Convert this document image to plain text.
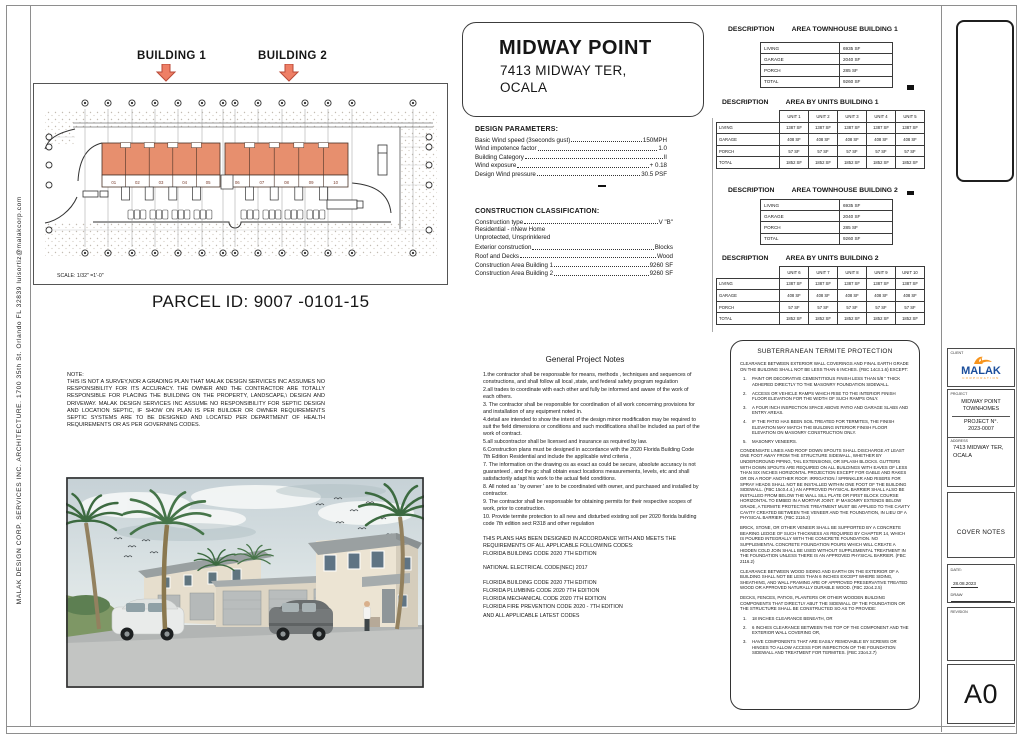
MALAK DESIGN CORP. SERVICES INC. ARCHITECTURE. 1700 35th St. Orlando FL 32839 luisortiz@malakcorp.com
BUILDING 1	BUILDING 2
01	02	03	04	05	06	07	08	09	10
SCALE: 1/32" =1'-0"
PARCEL ID: 9007 -0101-15
NOTE:
THIS IS NOT A SURVEY,NOR A GRADING PLAN THAT MALAK DESIGN SERVICES INC ASSUMES NO RESPONSIBILITY FOR ITS ACCURACY. THE OWNER AND THE CONTRACTOR ARE TOTALLY RESPONSIBLE FOR PLACING THE BUILDING ON THE PROPERTY, LANDSCAPE,\ DESIGN AND DRIVEWAY. MALAK DESIGN SERVICES INC ASSUME NO RESPONSIBILITY FOR SEPTIC DESIGN AND LOCATION SEPTIC, IF SHOW ON PLAN IS PER BUILDER OR OWNER REQUIREMENTS SEPTIC SYSTEMS ARE TO BE DESIGNED AND LOCATED PER DEPARTMENT OF HEALTH REQUIREMENTS OR AS PER GOVERNING CODES.
MIDWAY POINT
7413 MIDWAY TER,
OCALA
DESIGN PARAMETERS:
Basic Wind speed (3seconds gust)	150MPH
Wind impotence factor	1.0
Building Category	II
Wind exposure	+ 0.18
Design Wind pressure	30.5 PSF
CONSTRUCTION CLASSIFICATION:
Construction type	V "B"
Residential - nNew Home
Unprotected, Unsprinklered
Exterior construction	Blocks
Roof and Decks	Wood
Construction Area Building 1	9260 SF
Construction Area Building 2	9260 SF
DESCRIPTION	AREA TOWNHOUSE BUILDING 1
LIVING	6935 SF
GARAGE	2040 SF
PORCH	285 SF
TOTAL	9260 SF
DESCRIPTION	AREA BY UNITS BUILDING 1
	UNIT 1	UNIT 2	UNIT 3	UNIT 4	UNIT 5
LIVING	1387 SF	1387 SF	1387 SF	1387 SF	1387 SF
GARAGE	408 SF	408 SF	408 SF	408 SF	408 SF
PORCH	57 SF	57 SF	57 SF	57 SF	57 SF
TOTAL	1852 SF	1852 SF	1852 SF	1852 SF	1852 SF
DESCRIPTION	AREA TOWNHOUSE BUILDING 2
LIVING	6935 SF
GARAGE	2040 SF
PORCH	285 SF
TOTAL	9260 SF
DESCRIPTION	AREA BY UNITS BUILDING 2
	UNIT 6	UNIT 7	UNIT 8	UNIT 9	UNIT 10
LIVING	1387 SF	1387 SF	1387 SF	1387 SF	1387 SF
GARAGE	408 SF	408 SF	408 SF	408 SF	408 SF
PORCH	57 SF	57 SF	57 SF	57 SF	57 SF
TOTAL	1852 SF	1852 SF	1852 SF	1852 SF	1852 SF
General Project Notes
1.the contractor shall be responsable for means, methods , techniques and sequences of constructions, and shall follow all local ,state, and federal safety program regulation
2.all trades to coordinate with each other and fully be informed and aware of the work of each others.
3. The contractor shall be responsible for coordination of all work concerning provisions for and installation of any equipment noted in.
4.detail are intended to show the intent of the design minor modification may be required to suit the field dimensions or conditions and such modifications shall be included as part of the work of contract.
5.all subcontractor shall be licensed and insurance as required by law.
6.Construction plans must be designed in accordance with the 2020 Florida Building Code 7th Edition Residential and include the applicable wind criteria ,
7. The information on the drawing os as exact as could be secure, absolute accuracy is not guaranteed , and the gc shall obtain exact locations measurements, levels, etc and shall satisfactorily adapt his work to the actual field conditions.
8. All noted as ' by owner ' are to be coordinated with owner, and purchased and installed by contractor.
9. The contractor shall be responsable for obtaining permits for their respective scopes of work, prior to construction.
10. Provide termite protection to all new and disturbed existing soil per 2020 florida building code 7th edition sect R318 and other regulation
THIS PLANS HAS BEEN DESIGNED IN ACCORDANCE WITH AND MEETS THE REQUIREMENTS OF ALL APPLICABLE FOLLOWING CODES:
FLORIDA BUILDING CODE 2020 7TH EDITION
NATIONAL ELECTRICAL CODE(NEC) 2017
FLORIDA BUILDING CODE 2020 7TH EDITION
FLORIDA PLUMBING CODE 2020 7TH EDITION
FLORIDA MECHANICAL CODE 2020 7TH EDITION
FLORIDA FIRE PREVENTION CODE 2020 - 7TH EDITION
AND ALL APPLICABLE LATEST CODES
SUBTERRANEAN TERMITE PROTECTION
CLEARANCE BETWEEN EXTERIOR WALL COVERINGS AND FINAL EARTH GRADE ON THE BUILDING SHALL NOT BE LESS THAN 6 INCHES. (FBC 14c3.1.6) EXCEPT:
1.	PAINT OR DECORATIVE CEMENTITIOUS FINISH LESS THAN 5/8 " THICK ADHERED DIRECTLY TO THE MASONRY FOUNDATION SIDEWALL.
2.	ACCESS OR VEHICLE RAMPS WHICH RISE TO THE INTERIOR FINISH FLOOR ELEVATION FOR THE WIDTH OF SUCH RAMPS ONLY.
3.	A FOUR INCH INSPECTION SPACE ABOVE PATIO AND GARAGE SLABS AND ENTRY AREAS.
4.	IF THE PATIO HAS BEEN SOIL TREATED FOR TERMITES, THE FINISH ELEVATION MAY MATCH THE BUILDING INTERIOR FINISH FLOOR ELEVATION ON MASONRY CONSTRUCTION ONLY.
5.	MASONRY VENEERS.
CONDENSATE LINES AND ROOF DOWN SPOUTS SHALL DISCHARGE AT LEAST ONE FOOT AWAY FROM THE STRUCTURE SIDEWALL, WHETHER BY UNDERGROUND PIPING, TAIL EXTENSIONS, OR SPLASH BLOCKS. GUTTERS WITH DOWN SPOUTS ARE REQUIRED ON ALL BUILDINGS WITH EAVES OF LESS THAN SIX INCHES HORIZONTAL PROJECTION EXCEPT FOR GABLE AND RAKES OR ON A ROOF ANOTHER ROOF. IRRIGATION / SPRINKLER AND RISERS FOR SPRAY HEADS SHALL NOT BE INSTALLED WITHIN ONE FOOT OF THE BUILDING SIDEWALL. (FBC 15c0.4.4.) AN APPROVED PHYSICAL BARRIER SHALL ALSO BE INSTALLED FROM BELOW THE WALL SILL PLATE OR FIRST BLOCK COURSE HORIZONTAL TO EMBED IN A MORTAR JOINT. IF MASONRY EXTENDS BELOW GRADE, A TERMITE PROTECTIVE TREATMENT MUST BE APPLIED TO THE CAVITY CAVITY CREATED BETWEEN THE VENEER AND THE FOUNDATION, IN LIEU OF A PHYSICAL BARRIER. (FBC 2116.2)
BRICK, STONE, OR OTHER VENEER SHALL BE SUPPORTED BY A CONCRETE BEARING LEDGE OF SUCH THICKNESS AS REQUIRED BY CHAPTER 14, WHICH IS POURED INTEGRALLY WITH THE CONCRETE FOUNDATION. NO SUPPLEMENTAL CONCRETE FOUNDATION POURS WHICH WILL CREATE A HIDDEN COLD JOIN SHALL BE USED WITHOUT SUPPLEMENTAL TREATMENT IN THE FOUNDATION UNLESS THERE IS AN APPROVED PHYSICAL BARRIER. (FBC 2116.2)
CLEARANCE BETWEEN WOOD SIDING AND EARTH ON THE EXTERIOR OF A BUILDING SHALL NOT BE LESS THAN 6 INCHES EXCEPT WHERE SIDING, SHEATHING, AND WALL FRAMING ARE OF APPROVED PRESERVATIVE TREATED WOOD OR APPROVED NATURALLY DURABLE WOOD. (FBC 22o4.2.5)
DECKS, FENCES, PATIOS, PLANTERS OR OTHER WOODEN BUILDING COMPONENTS THAT DIRECTLY ABUT THE SIDEWALL OF THE FOUNDATION OR THE STRUCTURE SHALL BE CONSTRUCTED SO AS TO PROVIDE:
1.	18 INCHES CLEARANCE BENEATH, OR
2.	6 INCHES CLEARANCE BETWEEN THE TOP OF THE COMPONENT AND THE EXTERIOR WALL COVERING OR,
3.	HAVE COMPONENTS THAT ARE EASILY REMOVABLE BY SCREWS OR HINGES TO ALLOW ACCESS FOR INSPECTION OF THE FOUNDATION SIDEWALL AND TREATMENT FOR TERMITES. (FBC 23o4.2.7)
CLIENT
MALAK
CORPORATION
PROJECT
MIDWAY POINT
TOWNHOMES
PROJECT N°.
2023-0007
ADDRESS
7413 MIDWAY TER,
OCALA
COVER NOTES
DATE:
28.08.2023
DRAW
REVISION
A0
